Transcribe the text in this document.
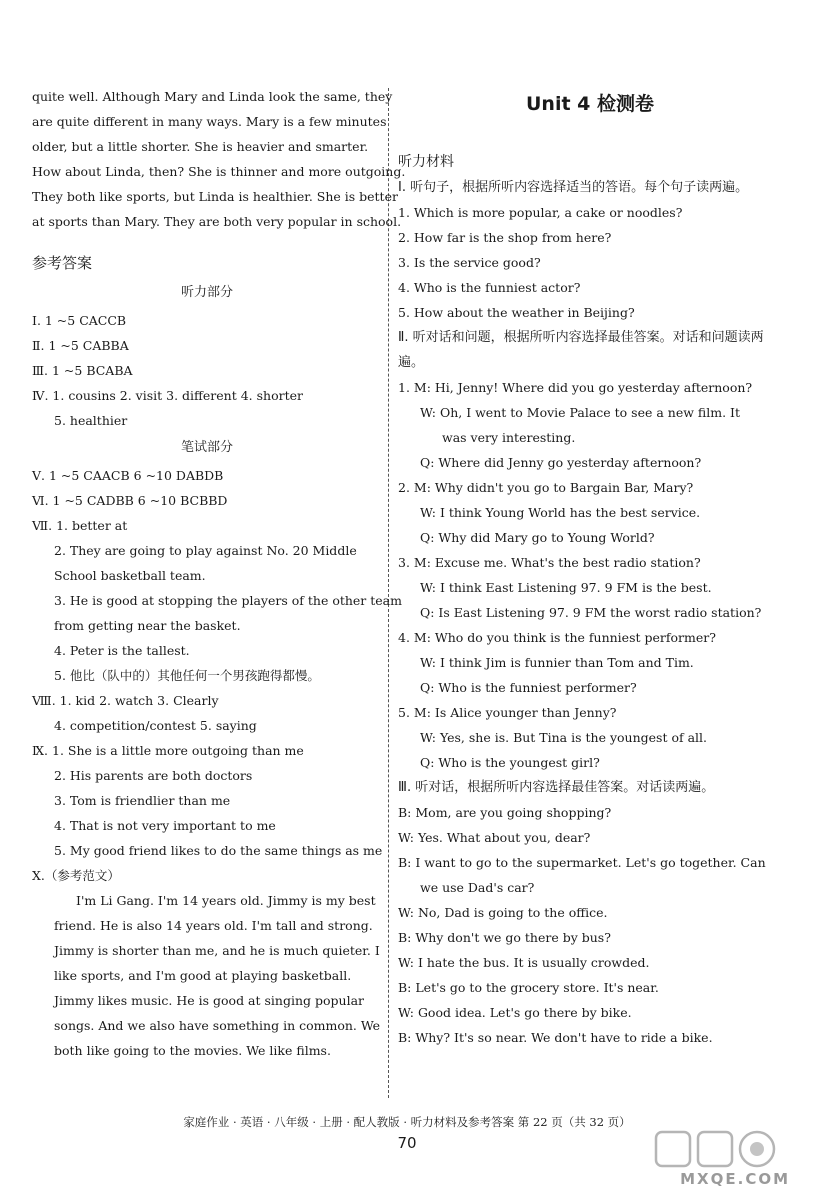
quite well. Although Mary and Linda look the same, they
are quite different in many ways. Mary is a few minutes
older, but a little shorter. She is heavier and smarter.
How about Linda, then? She is thinner and more outgoing.
They both like sports, but Linda is healthier. She is better
at sports than Mary. They are both very popular in school.
参考答案
听力部分
Ⅰ. 1 ~5 CACCB
Ⅱ. 1 ~5 CABBA
Ⅲ. 1 ~5 BCABA
Ⅳ. 1. cousins 2. visit 3. different 4. shorter
5. healthier
笔试部分
Ⅴ. 1 ~5 CAACB 6 ~10 DABDB
Ⅵ. 1 ~5 CADBB 6 ~10 BCBBD
Ⅶ. 1. better at
2. They are going to play against No. 20 Middle
School basketball team.
3. He is good at stopping the players of the other team
from getting near the basket.
4. Peter is the tallest.
5. 他比（队中的）其他任何一个男孩跑得都慢。
Ⅷ. 1. kid 2. watch 3. Clearly
4. competition/contest 5. saying
Ⅸ. 1. She is a little more outgoing than me
2. His parents are both doctors
3. Tom is friendlier than me
4. That is not very important to me
5. My good friend likes to do the same things as me
Ⅹ.（参考范文）
I'm Li Gang. I'm 14 years old. Jimmy is my best
friend. He is also 14 years old. I'm tall and strong.
Jimmy is shorter than me, and he is much quieter. I
like sports, and I'm good at playing basketball.
Jimmy likes music. He is good at singing popular
songs. And we also have something in common. We
both like going to the movies. We like films.
Unit 4 检测卷
听力材料
Ⅰ. 听句子，根据所听内容选择适当的答语。每个句子读两遍。
1. Which is more popular, a cake or noodles?
2. How far is the shop from here?
3. Is the service good?
4. Who is the funniest actor?
5. How about the weather in Beijing?
Ⅱ. 听对话和问题，根据所听内容选择最佳答案。对话和问题读两遍。
1. M: Hi, Jenny! Where did you go yesterday afternoon?
W: Oh, I went to Movie Palace to see a new film. It
was very interesting.
Q: Where did Jenny go yesterday afternoon?
2. M: Why didn't you go to Bargain Bar, Mary?
W: I think Young World has the best service.
Q: Why did Mary go to Young World?
3. M: Excuse me. What's the best radio station?
W: I think East Listening 97. 9 FM is the best.
Q: Is East Listening 97. 9 FM the worst radio station?
4. M: Who do you think is the funniest performer?
W: I think Jim is funnier than Tom and Tim.
Q: Who is the funniest performer?
5. M: Is Alice younger than Jenny?
W: Yes, she is. But Tina is the youngest of all.
Q: Who is the youngest girl?
Ⅲ. 听对话，根据所听内容选择最佳答案。对话读两遍。
B: Mom, are you going shopping?
W: Yes. What about you, dear?
B: I want to go to the supermarket. Let's go together. Can
we use Dad's car?
W: No, Dad is going to the office.
B: Why don't we go there by bus?
W: I hate the bus. It is usually crowded.
B: Let's go to the grocery store. It's near.
W: Good idea. Let's go there by bike.
B: Why? It's so near. We don't have to ride a bike.
家庭作业 · 英语 · 八年级 · 上册 · 配人教版 · 听力材料及参考答案 第 22 页（共 32 页）
70
MXQE.COM
